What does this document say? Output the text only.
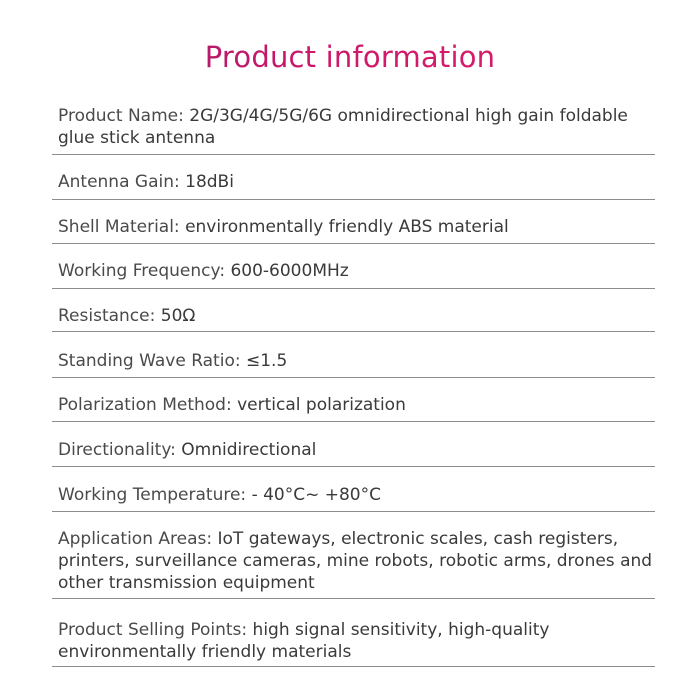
Product information
Product Name: 2G/3G/4G/5G/6G omnidirectional high gain foldable glue stick antenna
Antenna Gain: 18dBi
Shell Material: environmentally friendly ABS material
Working Frequency: 600-6000MHz
Resistance: 50Ω
Standing Wave Ratio: ≤1.5
Polarization Method: vertical polarization
Directionality: Omnidirectional
Working Temperature: - 40°C~ +80°C
Application Areas: IoT gateways, electronic scales, cash registers, printers, surveillance cameras, mine robots, robotic arms, drones and other transmission equipment
Product Selling Points: high signal sensitivity, high-quality environmentally friendly materials
